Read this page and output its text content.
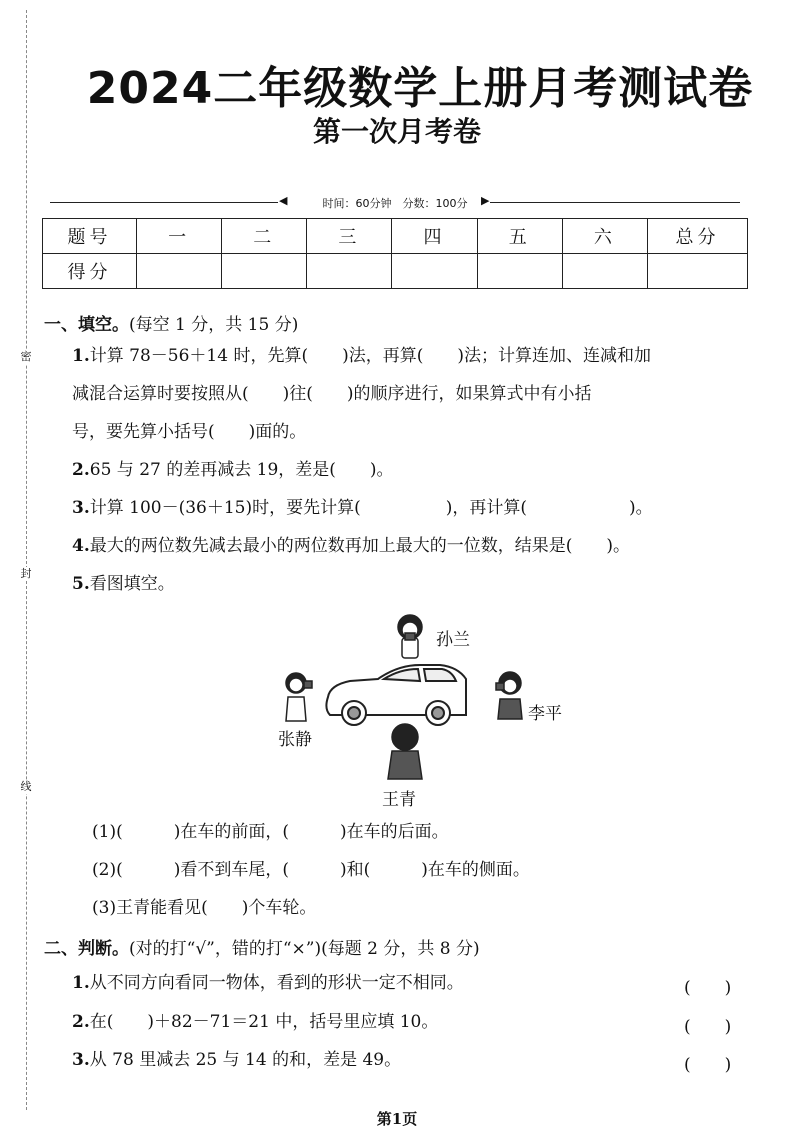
密
封
线
2024二年级数学上册月考测试卷
第一次月考卷
◀	时间：60分钟　分数：100分	▶
题号	一	二	三	四	五	六	总分
得分							
一、填空。(每空 1 分，共 15 分)
1.计算 78－56＋14 时，先算(　　)法，再算(　　)法；计算连加、连减和加
减混合运算时要按照从(　　)往(　　)的顺序进行，如果算式中有小括
号，要先算小括号(　　)面的。
2.65 与 27 的差再减去 19，差是(　　)。
3.计算 100－(36＋15)时，要先计算(　　　　　)，再计算(　　　　　　)。
4.最大的两位数先减去最小的两位数再加上最大的一位数，结果是(　　)。
5.看图填空。
孙兰
张静
李平
王青
(1)(　　　)在车的前面，(　　　)在车的后面。
(2)(　　　)看不到车尾，(　　　)和(　　　)在车的侧面。
(3)王青能看见(　　)个车轮。
二、判断。(对的打“√”，错的打“×”)(每题 2 分，共 8 分)
1.从不同方向看同一物体，看到的形状一定不相同。	(　　)
2.在(　　)＋82－71＝21 中，括号里应填 10。	(　　)
3.从 78 里减去 25 与 14 的和，差是 49。	(　　)
第1页
